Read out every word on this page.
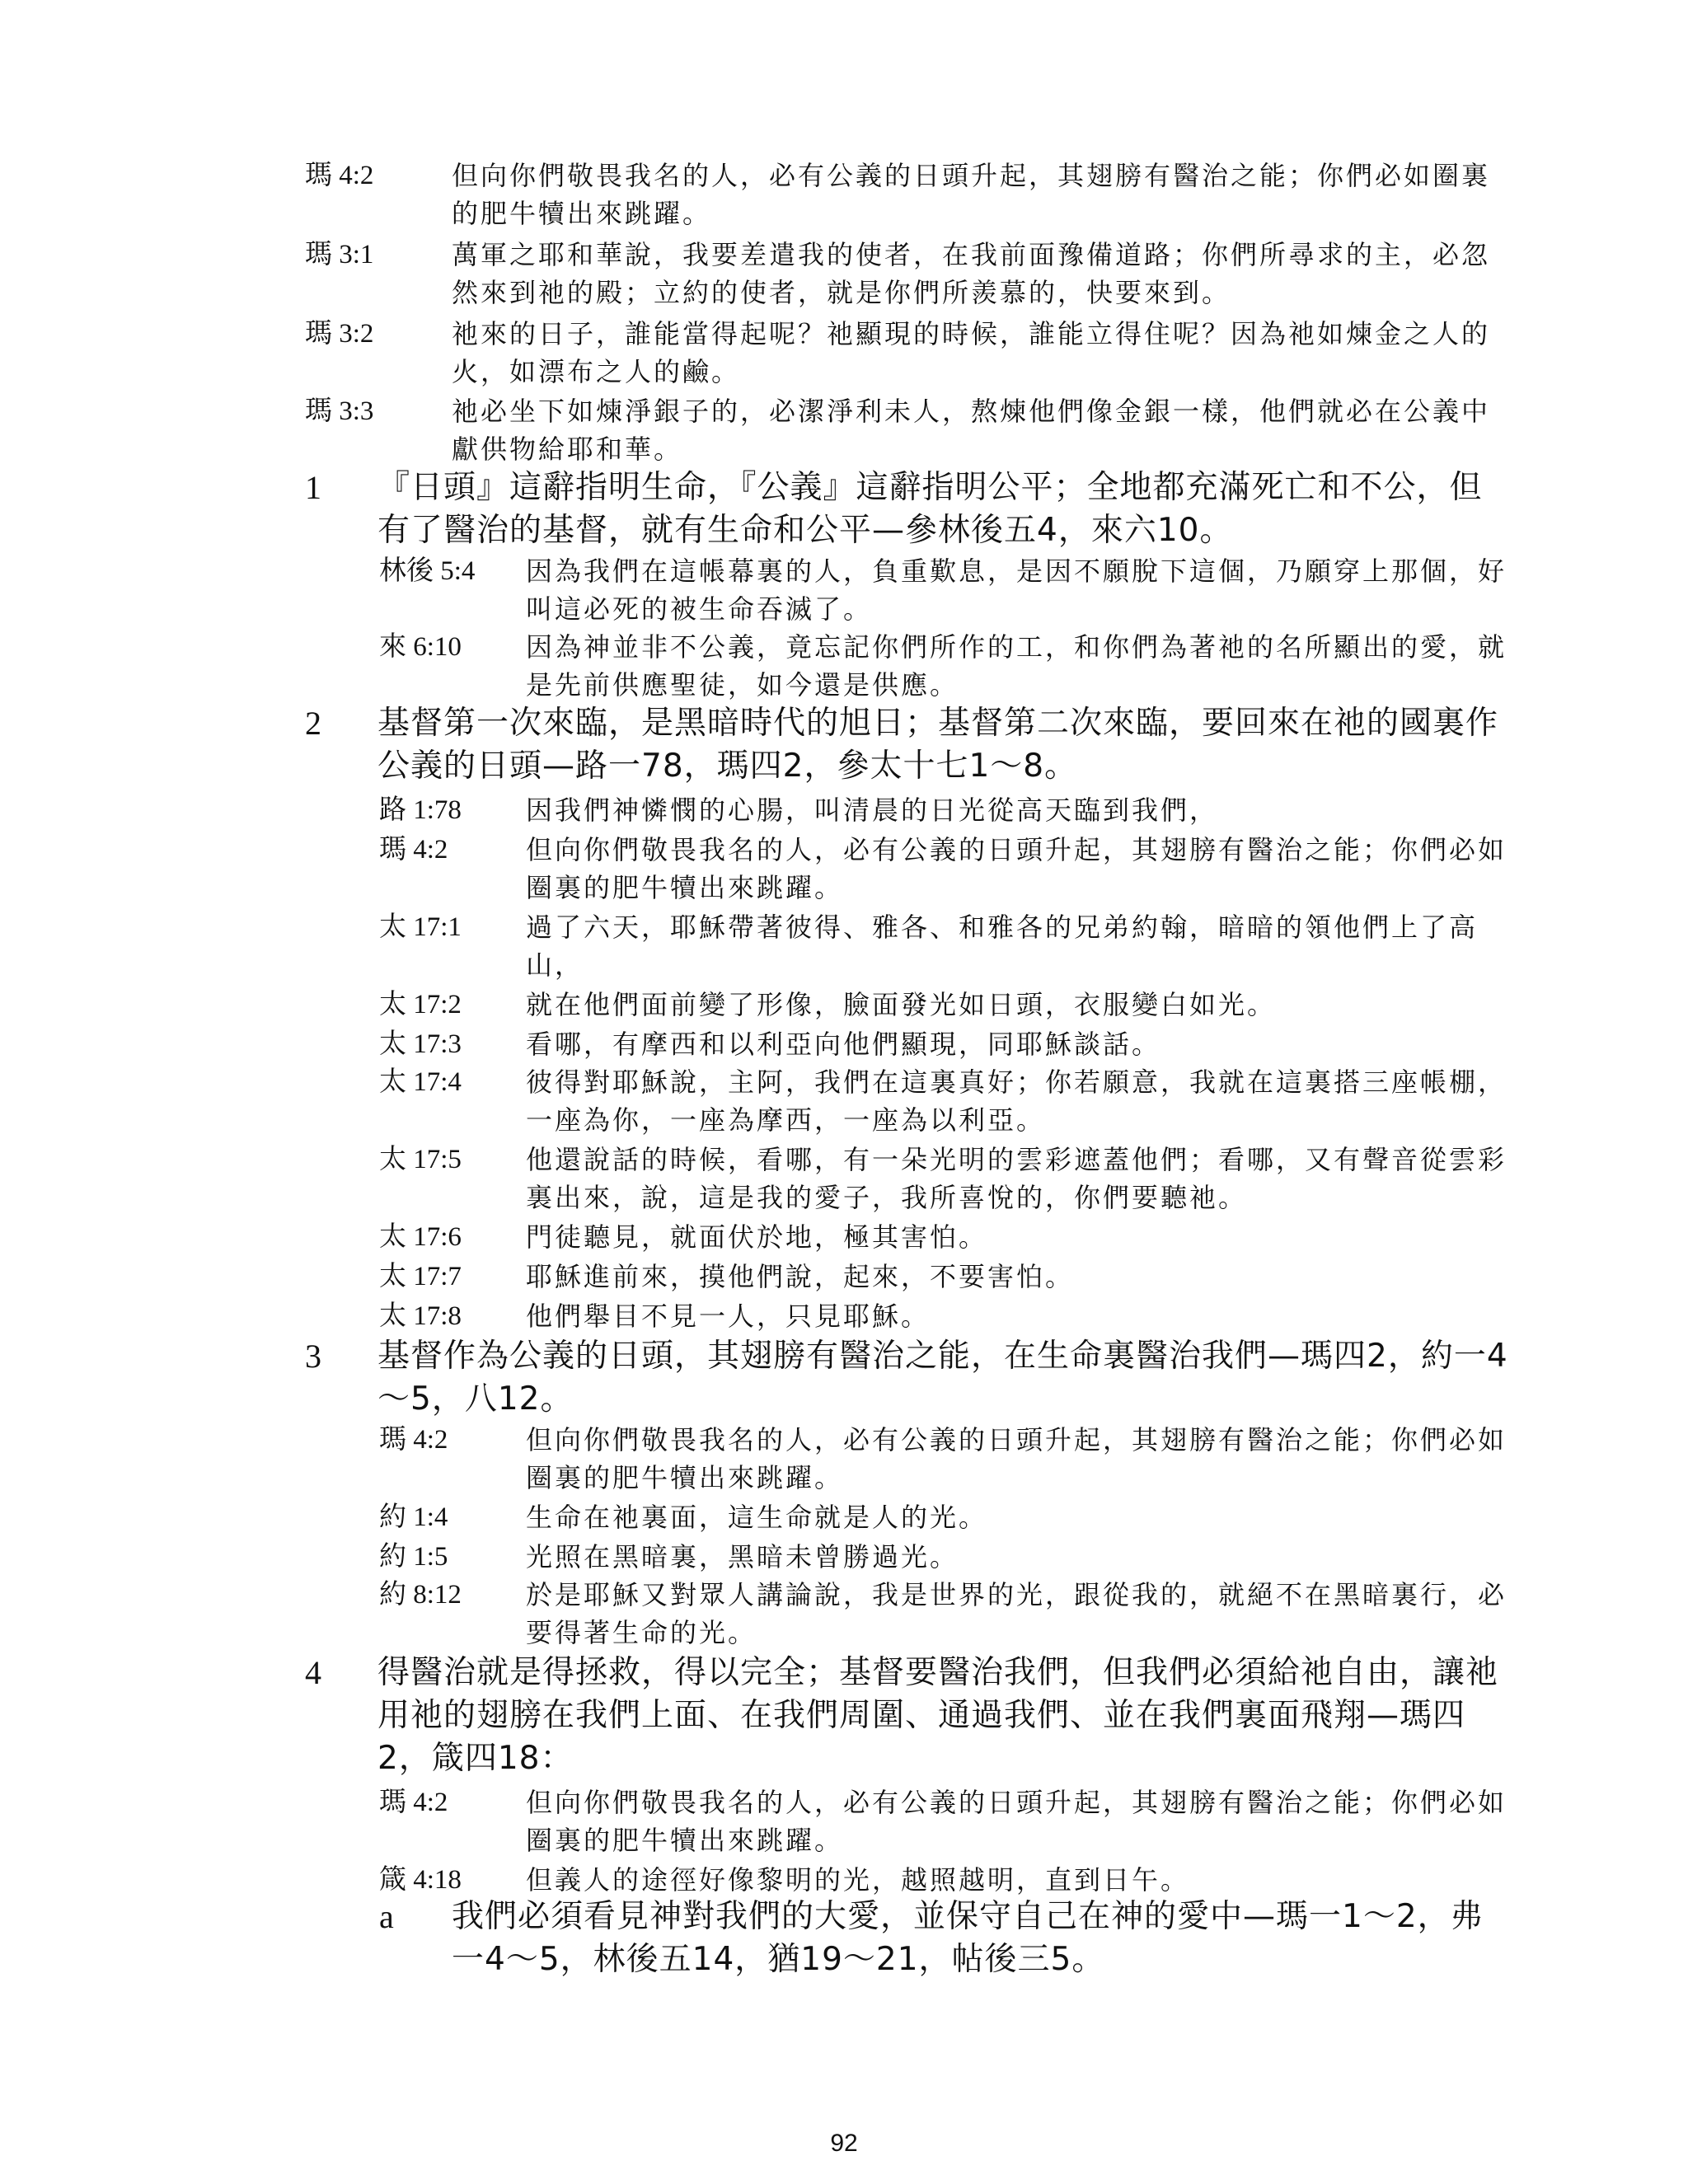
瑪 4:2	但向你們敬畏我名的人，必有公義的日頭升起，其翅膀有醫治之能；你們必如圈裏的肥牛犢出來跳躍。
瑪 3:1	萬軍之耶和華說，我要差遣我的使者，在我前面豫備道路；你們所尋求的主，必忽然來到祂的殿；立約的使者，就是你們所羨慕的，快要來到。
瑪 3:2	祂來的日子，誰能當得起呢？祂顯現的時候，誰能立得住呢？因為祂如煉金之人的火，如漂布之人的鹼。
瑪 3:3	祂必坐下如煉淨銀子的，必潔淨利未人，熬煉他們像金銀一樣，他們就必在公義中獻供物給耶和華。
1	『日頭』這辭指明生命，『公義』這辭指明公平；全地都充滿死亡和不公，但有了醫治的基督，就有生命和公平—參林後五4，來六10。
林後 5:4	因為我們在這帳幕裏的人，負重歎息，是因不願脫下這個，乃願穿上那個，好叫這必死的被生命吞滅了。
來 6:10	因為神並非不公義，竟忘記你們所作的工，和你們為著祂的名所顯出的愛，就是先前供應聖徒，如今還是供應。
2	基督第一次來臨，是黑暗時代的旭日；基督第二次來臨，要回來在祂的國裏作公義的日頭—路一78，瑪四2，參太十七1～8。
路 1:78	因我們神憐憫的心腸，叫清晨的日光從高天臨到我們，
瑪 4:2	但向你們敬畏我名的人，必有公義的日頭升起，其翅膀有醫治之能；你們必如圈裏的肥牛犢出來跳躍。
太 17:1	過了六天，耶穌帶著彼得、雅各、和雅各的兄弟約翰，暗暗的領他們上了高山，
太 17:2	就在他們面前變了形像，臉面發光如日頭，衣服變白如光。
太 17:3	看哪，有摩西和以利亞向他們顯現，同耶穌談話。
太 17:4	彼得對耶穌說，主阿，我們在這裏真好；你若願意，我就在這裏搭三座帳棚，一座為你，一座為摩西，一座為以利亞。
太 17:5	他還說話的時候，看哪，有一朵光明的雲彩遮蓋他們；看哪，又有聲音從雲彩裏出來，說，這是我的愛子，我所喜悅的，你們要聽祂。
太 17:6	門徒聽見，就面伏於地，極其害怕。
太 17:7	耶穌進前來，摸他們說，起來，不要害怕。
太 17:8	他們舉目不見一人，只見耶穌。
3	基督作為公義的日頭，其翅膀有醫治之能，在生命裏醫治我們—瑪四2，約一4～5，八12。
瑪 4:2	但向你們敬畏我名的人，必有公義的日頭升起，其翅膀有醫治之能；你們必如圈裏的肥牛犢出來跳躍。
約 1:4	生命在祂裏面，這生命就是人的光。
約 1:5	光照在黑暗裏，黑暗未曾勝過光。
約 8:12	於是耶穌又對眾人講論說，我是世界的光，跟從我的，就絕不在黑暗裏行，必要得著生命的光。
4	得醫治就是得拯救，得以完全；基督要醫治我們，但我們必須給祂自由，讓祂用祂的翅膀在我們上面、在我們周圍、通過我們、並在我們裏面飛翔—瑪四2，箴四18：
瑪 4:2	但向你們敬畏我名的人，必有公義的日頭升起，其翅膀有醫治之能；你們必如圈裏的肥牛犢出來跳躍。
箴 4:18	但義人的途徑好像黎明的光，越照越明，直到日午。
a	我們必須看見神對我們的大愛，並保守自己在神的愛中—瑪一1～2，弗一4～5，林後五14，猶19～21，帖後三5。
92
